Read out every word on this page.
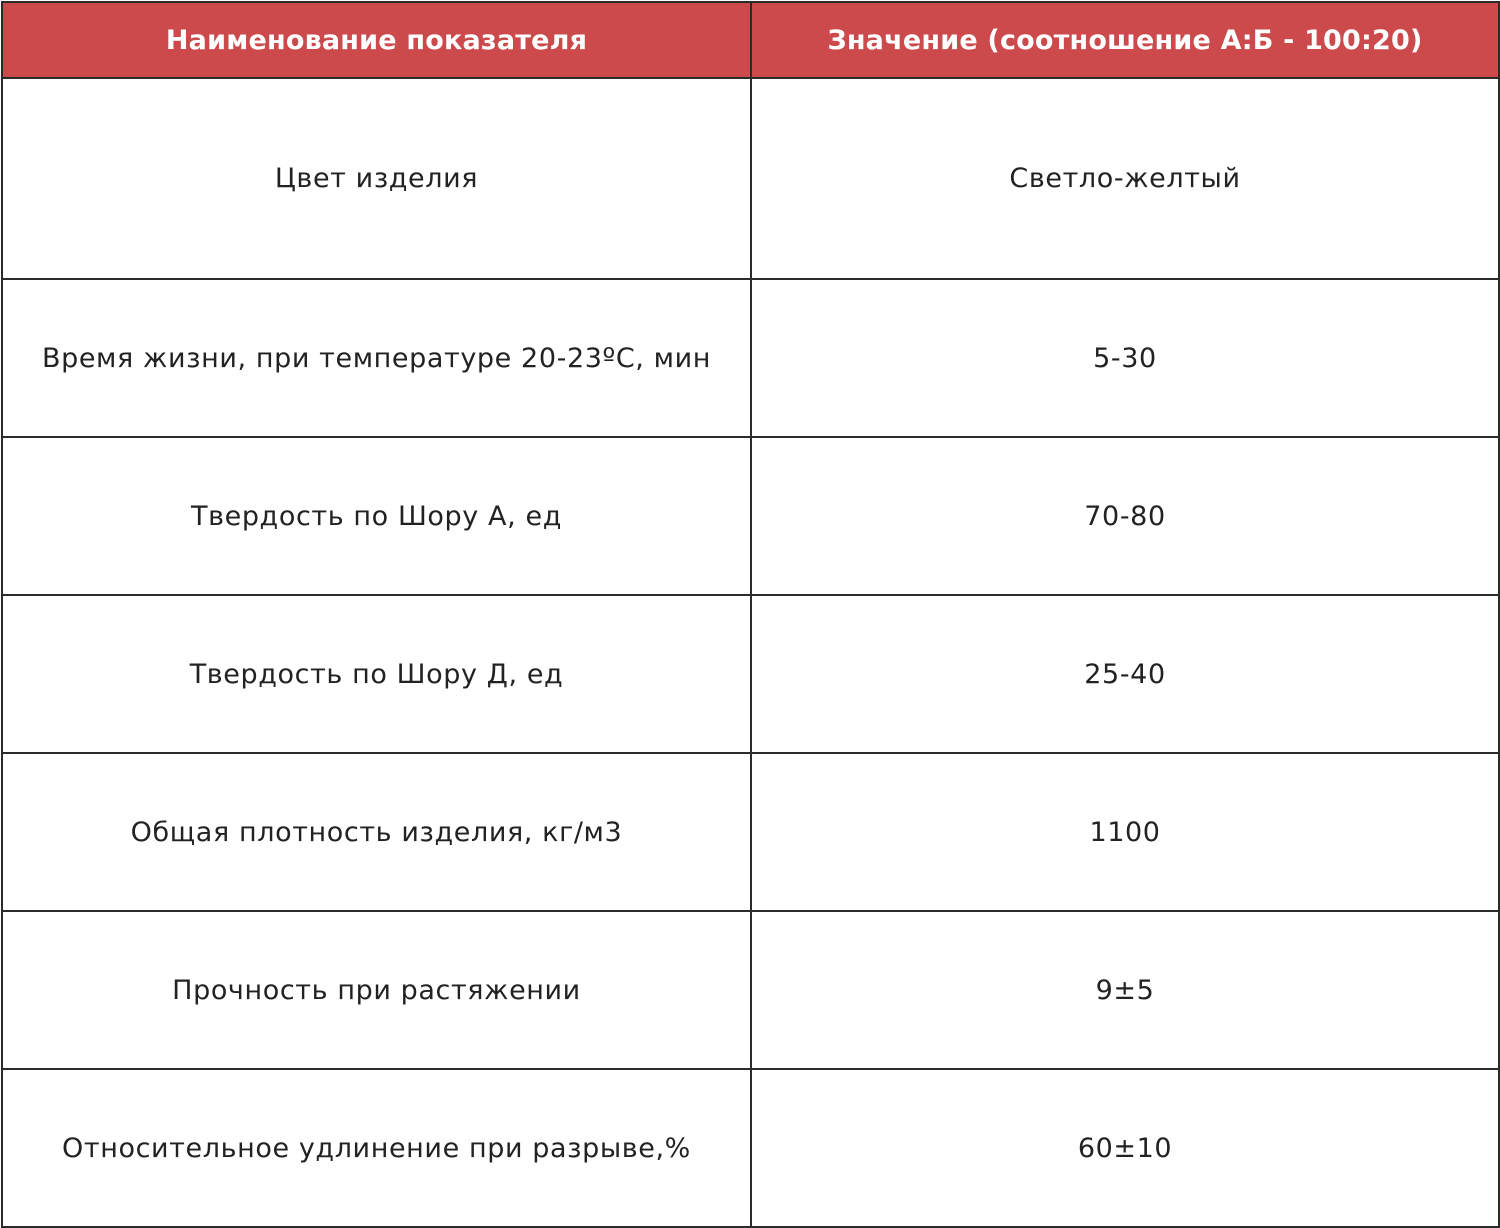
Наименование показателя	Значение (соотношение А:Б - 100:20)
Цвет изделия	Светло-желтый
Время жизни, при температуре 20-23ºС, мин	5-30
Твердость по Шору А, ед	70-80
Твердость по Шору Д, ед	25-40
Общая плотность изделия, кг/м3	1100
Прочность при растяжении	9±5
Относительное удлинение при разрыве,%	60±10
